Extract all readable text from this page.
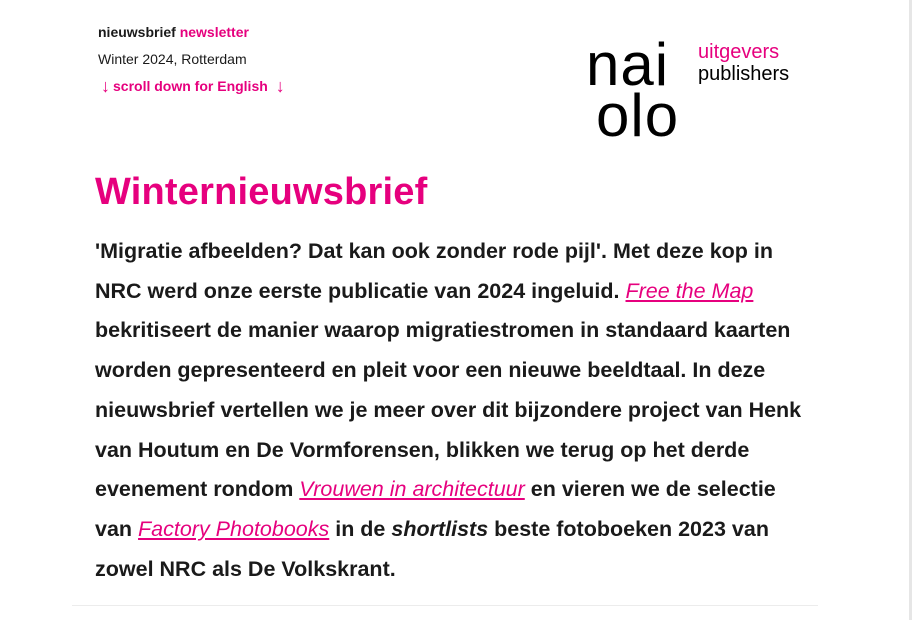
nieuwsbrief newsletter
Winter 2024, Rotterdam
↓ scroll down for English ↓	nai
olo
uitgevers
publishers
Winternieuwsbrief

'Migratie afbeelden? Dat kan ook zonder rode pijl'. Met deze kop in NRC werd onze eerste publicatie van 2024 ingeluid. Free the Map bekritiseert de manier waarop migratiestromen in standaard kaarten worden gepresenteerd en pleit voor een nieuwe beeldtaal. In deze nieuwsbrief vertellen we je meer over dit bijzondere project van Henk van Houtum en De Vormforensen, blikken we terug op het derde evenement rondom Vrouwen in architectuur en vieren we de selectie van Factory Photobooks in de shortlists beste fotoboeken 2023 van zowel NRC als De Volkskrant.
